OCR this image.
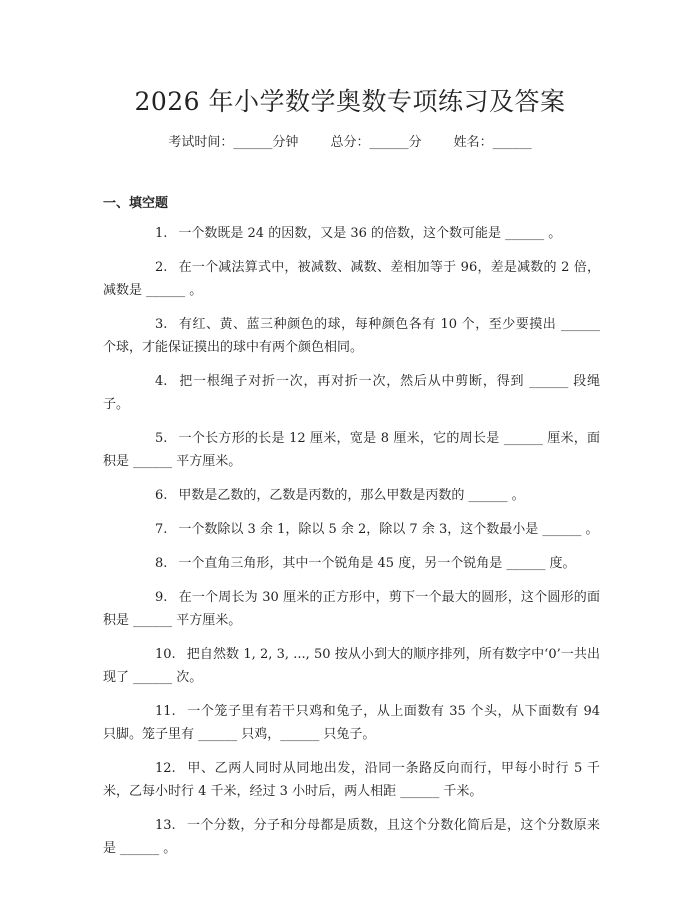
2026 年小学数学奥数专项练习及答案
考试时间：______分钟 总分：______分 姓名：______
一、填空题

1. 一个数既是 24 的因数，又是 36 的倍数，这个数可能是 ______ 。

2. 在一个减法算式中，被减数、减数、差相加等于 96，差是减数的 2 倍，减数是 ______ 。

3. 有红、黄、蓝三种颜色的球，每种颜色各有 10 个，至少要摸出 ______ 个球，才能保证摸出的球中有两个颜色相同。

4. 把一根绳子对折一次，再对折一次，然后从中剪断，得到 ______ 段绳子。

5. 一个长方形的长是 12 厘米，宽是 8 厘米，它的周长是 ______ 厘米，面积是 ______ 平方厘米。

6. 甲数是乙数的，乙数是丙数的，那么甲数是丙数的 ______ 。

7. 一个数除以 3 余 1，除以 5 余 2，除以 7 余 3，这个数最小是 ______ 。

8. 一个直角三角形，其中一个锐角是 45 度，另一个锐角是 ______ 度。

9. 在一个周长为 30 厘米的正方形中，剪下一个最大的圆形，这个圆形的面积是 ______ 平方厘米。

10. 把自然数 1, 2, 3, ..., 50 按从小到大的顺序排列，所有数字中‘0’一共出现了 ______ 次。

11. 一个笼子里有若干只鸡和兔子，从上面数有 35 个头，从下面数有 94 只脚。笼子里有 ______ 只鸡，______ 只兔子。

12. 甲、乙两人同时从同地出发，沿同一条路反向而行，甲每小时行 5 千米，乙每小时行 4 千米，经过 3 小时后，两人相距 ______ 千米。

13. 一个分数，分子和分母都是质数，且这个分数化简后是，这个分数原来是 ______ 。
